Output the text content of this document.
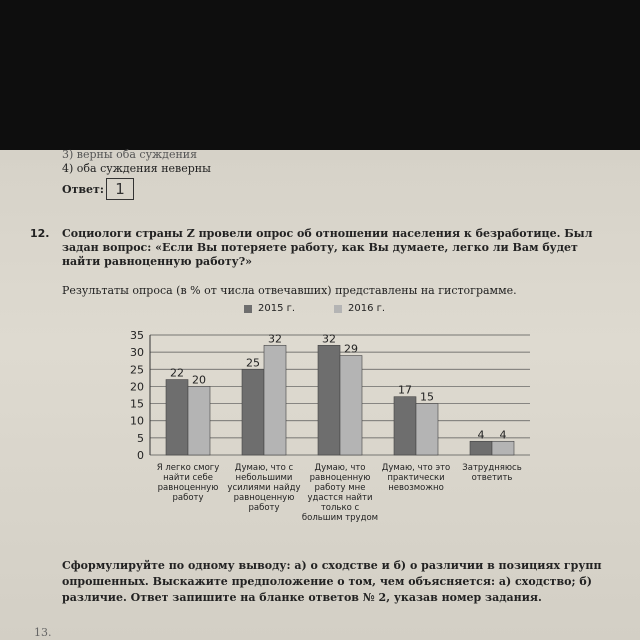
3) верны оба суждения
4) оба суждения неверны
Ответ: 1
12. Социологи страны Z провели опрос об отношении населения к безработице. Был задан вопрос: «Если Вы потеряете работу, как Вы думаете, легко ли Вам будет найти равноценную работу?»
Результаты опроса (в % от числа отвечавших) представлены на гистограмме.
2015 г.	2016 г.
0
5
10
15
20
25
30
35
22
25
32
17
4
20
32
29
15
4
Я легко смогу найти себе равноценную работу
Думаю, что с небольшими усилиями найду равноценную работу
Думаю, что равноценную работу мне удастся найти только с большим трудом
Думаю, что это практически невозможно
Затрудняюсь ответить
Сформулируйте по одному выводу: а) о сходстве и б) о различии в позициях групп опрошенных. Выскажите предположение о том, чем объясняется: а) сходство; б) различие. Ответ запишите на бланке ответов № 2, указав номер задания.
13.
